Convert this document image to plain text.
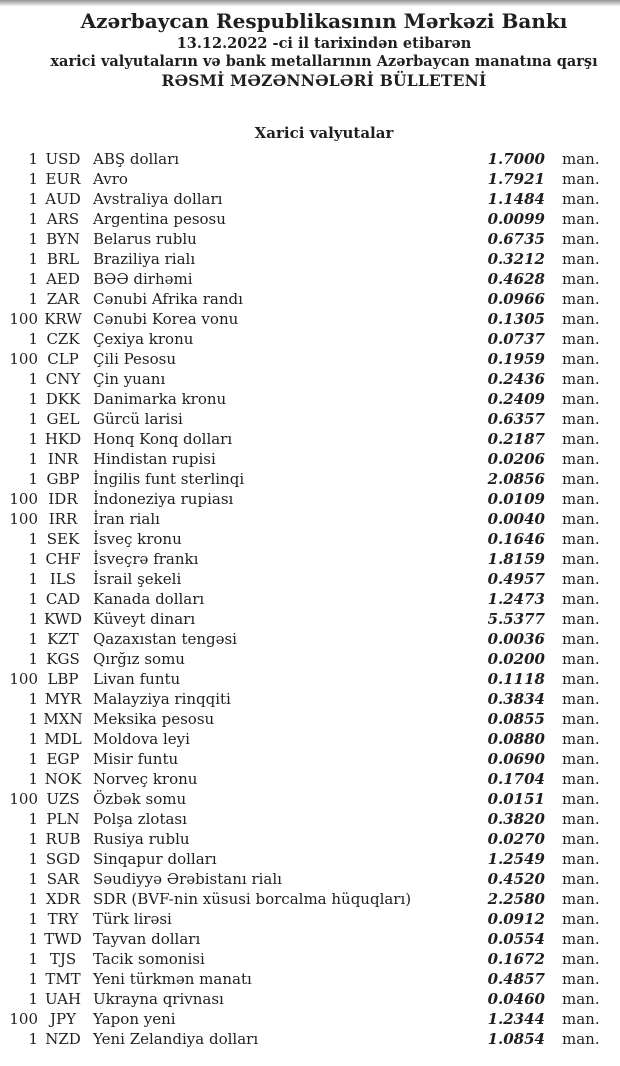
Azərbaycan Respublikasının Mərkəzi Bankı
13.12.2022 -ci il tarixindən etibarən
xarici valyutaların və bank metallarının Azərbaycan manatına qarşı
RƏSMİ MƏZƏNNƏLƏRİ BÜLLETENİ
Xarici valyutalar
1 USD ABŞ dolları	1.7000	man.
1 EUR Avro	1.7921	man.
1 AUD Avstraliya dolları	1.1484	man.
1 ARS Argentina pesosu	0.0099	man.
1 BYN Belarus rublu	0.6735	man.
1 BRL Braziliya rialı	0.3212	man.
1 AED BƏƏ dirhəmi	0.4628	man.
1 ZAR Cənubi Afrika randı	0.0966	man.
100 KRW Cənubi Korea vonu	0.1305	man.
1 CZK Çexiya kronu	0.0737	man.
100 CLP Çili Pesosu	0.1959	man.
1 CNY Çin yuanı	0.2436	man.
1 DKK Danimarka kronu	0.2409	man.
1 GEL Gürcü larisi	0.6357	man.
1 HKD Honq Konq dolları	0.2187	man.
1 INR Hindistan rupisi	0.0206	man.
1 GBP İngilis funt sterlinqi	2.0856	man.
100 IDR	İndoneziya rupiası	0.0109	man.
100 IRR	İran rialı	0.0040	man.
1 SEK İsveç kronu	0.1646	man.
1 CHF İsveçrə frankı	1.8159	man.
1 ILS	İsrail şekeli	0.4957	man.
1 CAD Kanada dolları	1.2473	man.
1 KWD Küveyt dinarı	5.5377	man.
1 KZT Qazaxıstan tengəsi	0.0036	man.
1 KGS Qırğız somu	0.0200	man.
100 LBP Livan funtu	0.1118	man.
1 MYR Malayziya rinqqiti	0.3834	man.
1 MXN Meksika pesosu	0.0855	man.
1 MDL Moldova leyi	0.0880	man.
1 EGP Misir funtu	0.0690	man.
1 NOK Norveç kronu	0.1704	man.
100 UZS Özbək somu	0.0151	man.
1 PLN Polşa zlotası	0.3820	man.
1 RUB Rusiya rublu	0.0270	man.
1 SGD Sinqapur dolları	1.2549	man.
1 SAR Səudiyyə Ərəbistanı rialı	0.4520	man.
1 XDR SDR (BVF-nin xüsusi borcalma hüquqları)	2.2580	man.
1 TRY Türk lirəsi	0.0912	man.
1 TWD Tayvan dolları	0.0554	man.
1 TJS	Tacik somonisi	0.1672	man.
1 TMT Yeni türkmən manatı	0.4857	man.
1 UAH Ukrayna qrivnası	0.0460	man.
100 JPY	Yapon yeni	1.2344	man.
1 NZD Yeni Zelandiya dolları	1.0854	man.
